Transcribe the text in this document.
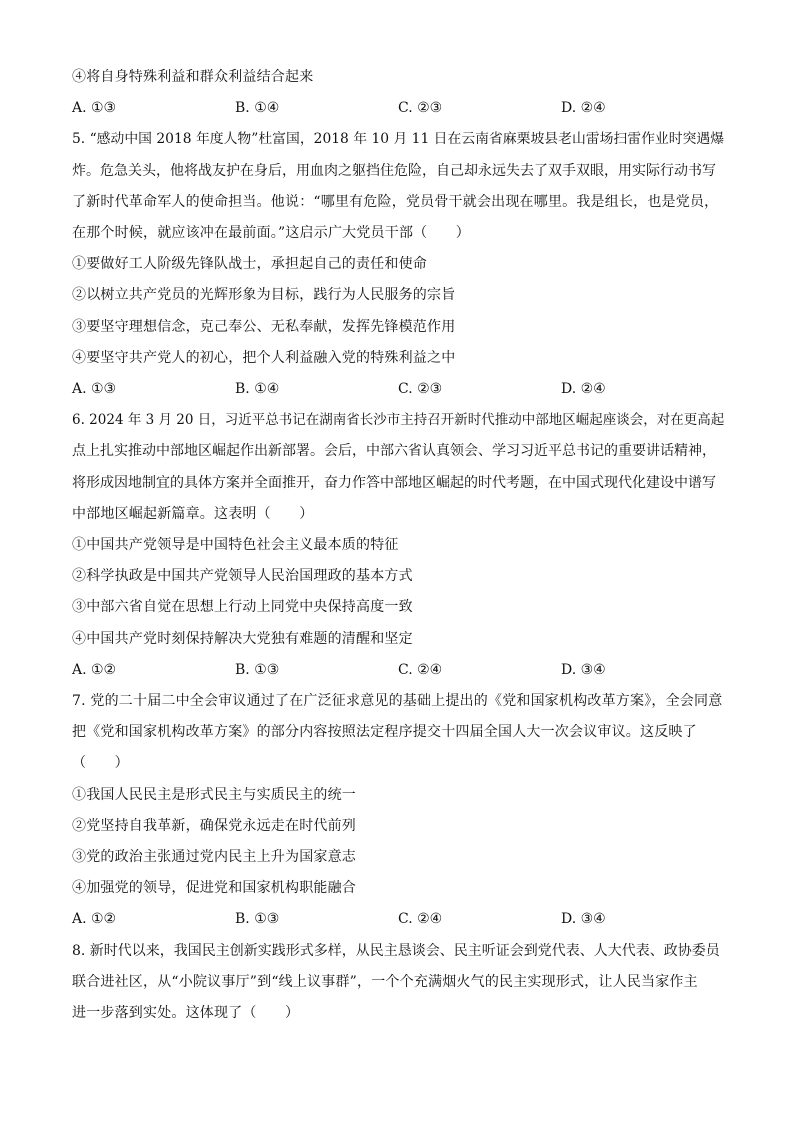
④将自身特殊利益和群众利益结合起来
A. ①③	B. ①④	C. ②③	D. ②④
5. “感动中国 2018 年度人物”杜富国，2018 年 10 月 11 日在云南省麻栗坡县老山雷场扫雷作业时突遇爆
炸。危急关头，他将战友护在身后，用血肉之躯挡住危险，自己却永远失去了双手双眼，用实际行动书写
了新时代革命军人的使命担当。他说：“哪里有危险，党员骨干就会出现在哪里。我是组长，也是党员，
在那个时候，就应该冲在最前面。”这启示广大党员干部（　　）
①要做好工人阶级先锋队战士，承担起自己的责任和使命
②以树立共产党员的光辉形象为目标，践行为人民服务的宗旨
③要坚守理想信念，克己奉公、无私奉献，发挥先锋模范作用
④要坚守共产党人的初心，把个人利益融入党的特殊利益之中
A. ①③	B. ①④	C. ②③	D. ②④
6. 2024 年 3 月 20 日，习近平总书记在湖南省长沙市主持召开新时代推动中部地区崛起座谈会，对在更高起
点上扎实推动中部地区崛起作出新部署。会后，中部六省认真领会、学习习近平总书记的重要讲话精神，
将形成因地制宜的具体方案并全面推开，奋力作答中部地区崛起的时代考题，在中国式现代化建设中谱写
中部地区崛起新篇章。这表明（　　）
①中国共产党领导是中国特色社会主义最本质的特征
②科学执政是中国共产党领导人民治国理政的基本方式
③中部六省自觉在思想上行动上同党中央保持高度一致
④中国共产党时刻保持解决大党独有难题的清醒和坚定
A. ①②	B. ①③	C. ②④	D. ③④
7. 党的二十届二中全会审议通过了在广泛征求意见的基础上提出的《党和国家机构改革方案》，全会同意
把《党和国家机构改革方案》的部分内容按照法定程序提交十四届全国人大一次会议审议。这反映了
（　　）
①我国人民民主是形式民主与实质民主的统一
②党坚持自我革新，确保党永远走在时代前列
③党的政治主张通过党内民主上升为国家意志
④加强党的领导，促进党和国家机构职能融合
A. ①②	B. ①③	C. ②④	D. ③④
8. 新时代以来，我国民主创新实践形式多样，从民主恳谈会、民主听证会到党代表、人大代表、政协委员
联合进社区，从“小院议事厅”到“线上议事群”，一个个充满烟火气的民主实现形式，让人民当家作主
进一步落到实处。这体现了（　　）
